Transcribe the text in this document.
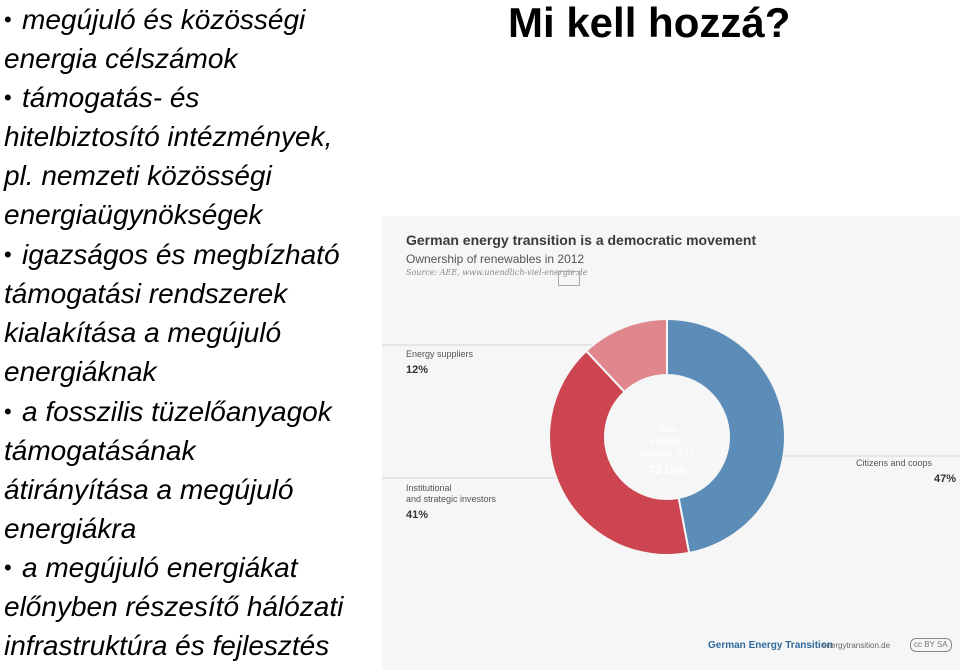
• megújuló és közösségi
energia célszámok
• támogatás- és
hitelbiztosító intézmények,
pl. nemzeti közösségi
energiaügynökségek
• igazságos és megbízható
támogatási rendszerek
kialakítása a megújuló
energiáknak
• a fosszilis tüzelőanyagok
támogatásának
átirányítása a megújuló
energiákra
• a megújuló energiákat
előnyben részesítő hálózati
infrastruktúra és fejlesztés
Mi kell hozzá?
German energy transition is a democratic movement
Ownership of renewables in 2012
Source: AEE, www.unendlich-viel-energie.de
Total
installed
capacity 2012
73 GW	Citizens and coops
47%
Institutional
and strategic investors
41%
Energy suppliers
12%
German Energy Transition
energytransition.de	cc BY SA
